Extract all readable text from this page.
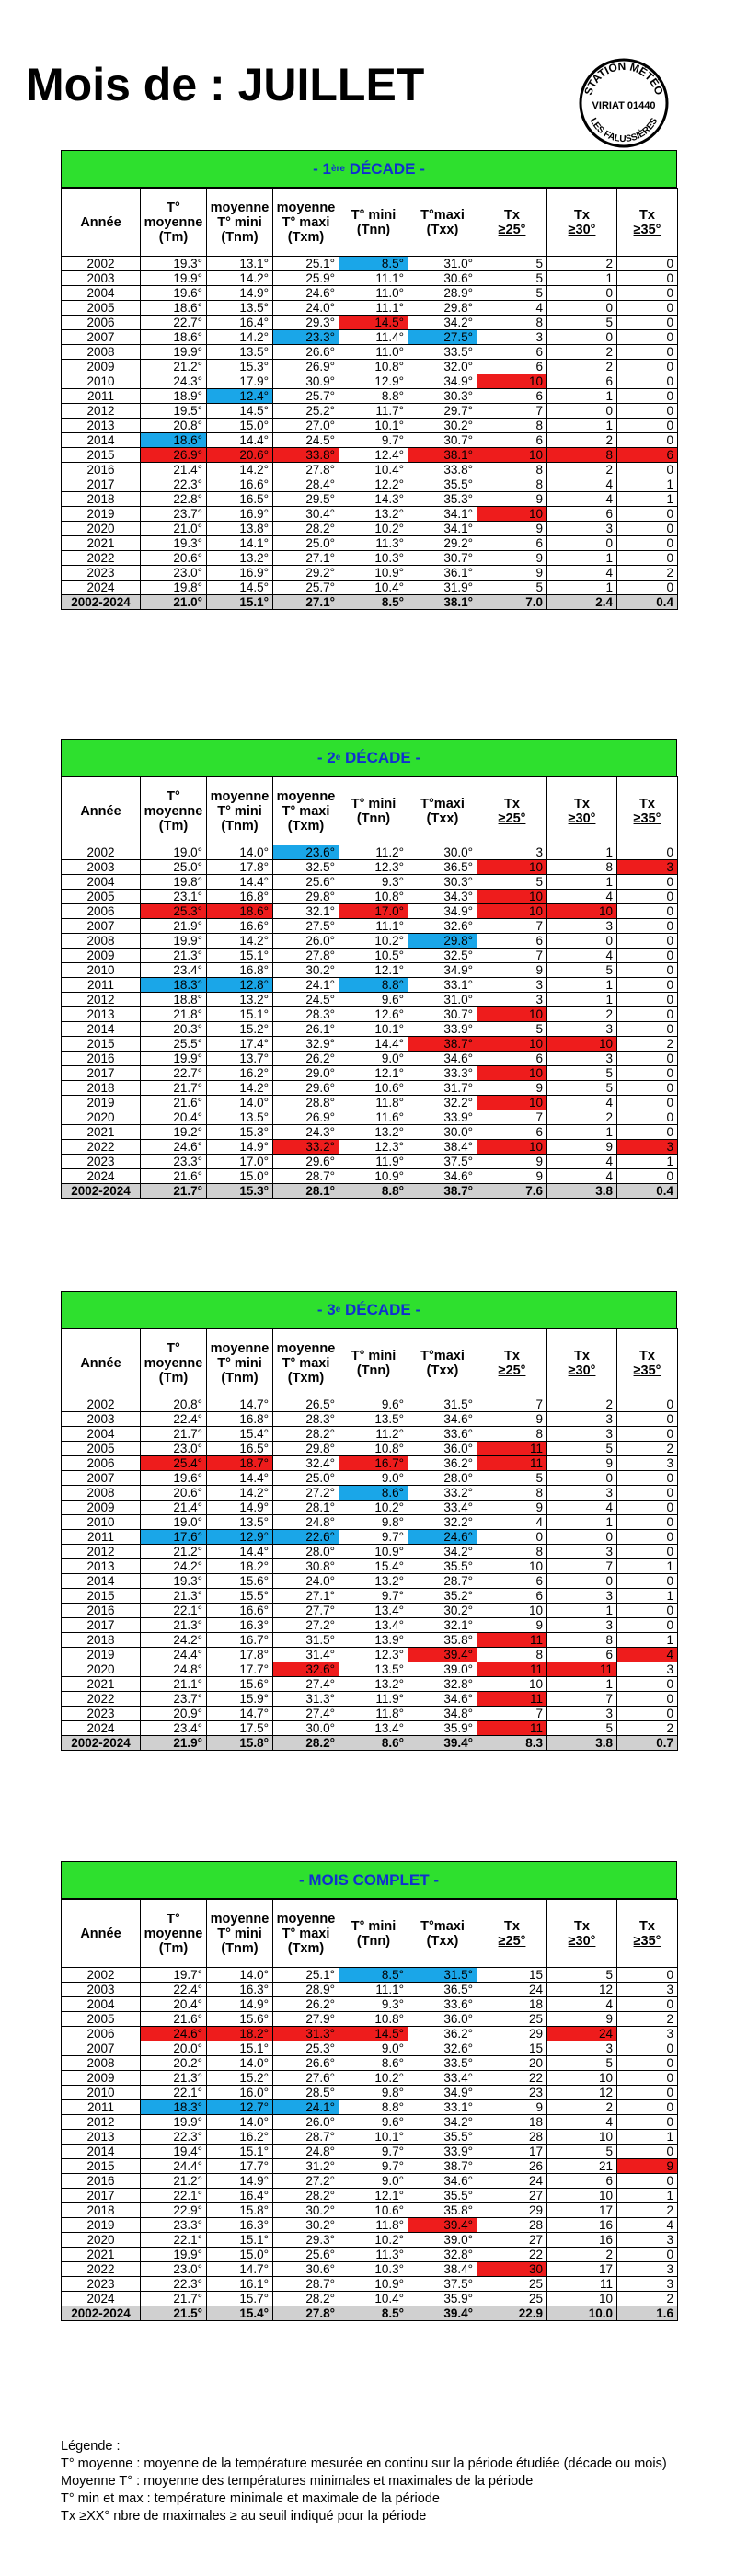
Mois de : JUILLET	STATION MÉTÉO
VIRIAT 01440
LES FALUSSIÈRES
- 1 ère DÉCADE -
Année	T°
moyenne
(Tm)	moyenne
T° mini
(Tnm)	moyenne
T° maxi
(Txm)	T° mini
(Tnn)	T°maxi
(Txx)	Tx
≥25°	Tx
≥30°	Tx
≥35°
2002	19.3°	13.1°	25.1°	8.5°	31.0°	5	2	0
2003	19.9°	14.2°	25.9°	11.1°	30.6°	5	1	0
2004	19.6°	14.9°	24.6°	11.0°	28.9°	5	0	0
2005	18.6°	13.5°	24.0°	11.1°	29.8°	4	0	0
2006	22.7°	16.4°	29.3°	14.5°	34.2°	8	5	0
2007	18.6°	14.2°	23.3°	11.4°	27.5°	3	0	0
2008	19.9°	13.5°	26.6°	11.0°	33.5°	6	2	0
2009	21.2°	15.3°	26.9°	10.8°	32.0°	6	2	0
2010	24.3°	17.9°	30.9°	12.9°	34.9°	10	6	0
2011	18.9°	12.4°	25.7°	8.8°	30.3°	6	1	0
2012	19.5°	14.5°	25.2°	11.7°	29.7°	7	0	0
2013	20.8°	15.0°	27.0°	10.1°	30.2°	8	1	0
2014	18.6°	14.4°	24.5°	9.7°	30.7°	6	2	0
2015	26.9°	20.6°	33.8°	12.4°	38.1°	10	8	6
2016	21.4°	14.2°	27.8°	10.4°	33.8°	8	2	0
2017	22.3°	16.6°	28.4°	12.2°	35.5°	8	4	1
2018	22.8°	16.5°	29.5°	14.3°	35.3°	9	4	1
2019	23.7°	16.9°	30.4°	13.2°	34.1°	10	6	0
2020	21.0°	13.8°	28.2°	10.2°	34.1°	9	3	0
2021	19.3°	14.1°	25.0°	11.3°	29.2°	6	0	0
2022	20.6°	13.2°	27.1°	10.3°	30.7°	9	1	0
2023	23.0°	16.9°	29.2°	10.9°	36.1°	9	4	2
2024	19.8°	14.5°	25.7°	10.4°	31.9°	5	1	0
2002-2024	21.0°	15.1°	27.1°	8.5°	38.1°	7.0	2.4	0.4
- 2 e DÉCADE -
Année	T°
moyenne
(Tm)	moyenne
T° mini
(Tnm)	moyenne
T° maxi
(Txm)	T° mini
(Tnn)	T°maxi
(Txx)	Tx
≥25°	Tx
≥30°	Tx
≥35°
2002	19.0°	14.0°	23.6°	11.2°	30.0°	3	1	0
2003	25.0°	17.8°	32.5°	12.3°	36.5°	10	8	3
2004	19.8°	14.4°	25.6°	9.3°	30.3°	5	1	0
2005	23.1°	16.8°	29.8°	10.8°	34.3°	10	4	0
2006	25.3°	18.6°	32.1°	17.0°	34.9°	10	10	0
2007	21.9°	16.6°	27.5°	11.1°	32.6°	7	3	0
2008	19.9°	14.2°	26.0°	10.2°	29.8°	6	0	0
2009	21.3°	15.1°	27.8°	10.5°	32.5°	7	4	0
2010	23.4°	16.8°	30.2°	12.1°	34.9°	9	5	0
2011	18.3°	12.8°	24.1°	8.8°	33.1°	3	1	0
2012	18.8°	13.2°	24.5°	9.6°	31.0°	3	1	0
2013	21.8°	15.1°	28.3°	12.6°	30.7°	10	2	0
2014	20.3°	15.2°	26.1°	10.1°	33.9°	5	3	0
2015	25.5°	17.4°	32.9°	14.4°	38.7°	10	10	2
2016	19.9°	13.7°	26.2°	9.0°	34.6°	6	3	0
2017	22.7°	16.2°	29.0°	12.1°	33.3°	10	5	0
2018	21.7°	14.2°	29.6°	10.6°	31.7°	9	5	0
2019	21.6°	14.0°	28.8°	11.8°	32.2°	10	4	0
2020	20.4°	13.5°	26.9°	11.6°	33.9°	7	2	0
2021	19.2°	15.3°	24.3°	13.2°	30.0°	6	1	0
2022	24.6°	14.9°	33.2°	12.3°	38.4°	10	9	3
2023	23.3°	17.0°	29.6°	11.9°	37.5°	9	4	1
2024	21.6°	15.0°	28.7°	10.9°	34.6°	9	4	0
2002-2024	21.7°	15.3°	28.1°	8.8°	38.7°	7.6	3.8	0.4
- 3 e DÉCADE -
Année	T°
moyenne
(Tm)	moyenne
T° mini
(Tnm)	moyenne
T° maxi
(Txm)	T° mini
(Tnn)	T°maxi
(Txx)	Tx
≥25°	Tx
≥30°	Tx
≥35°
2002	20.8°	14.7°	26.5°	9.6°	31.5°	7	2	0
2003	22.4°	16.8°	28.3°	13.5°	34.6°	9	3	0
2004	21.7°	15.4°	28.2°	11.2°	33.6°	8	3	0
2005	23.0°	16.5°	29.8°	10.8°	36.0°	11	5	2
2006	25.4°	18.7°	32.4°	16.7°	36.2°	11	9	3
2007	19.6°	14.4°	25.0°	9.0°	28.0°	5	0	0
2008	20.6°	14.2°	27.2°	8.6°	33.2°	8	3	0
2009	21.4°	14.9°	28.1°	10.2°	33.4°	9	4	0
2010	19.0°	13.5°	24.8°	9.8°	32.2°	4	1	0
2011	17.6°	12.9°	22.6°	9.7°	24.6°	0	0	0
2012	21.2°	14.4°	28.0°	10.9°	34.2°	8	3	0
2013	24.2°	18.2°	30.8°	15.4°	35.5°	10	7	1
2014	19.3°	15.6°	24.0°	13.2°	28.7°	6	0	0
2015	21.3°	15.5°	27.1°	9.7°	35.2°	6	3	1
2016	22.1°	16.6°	27.7°	13.4°	30.2°	10	1	0
2017	21.3°	16.3°	27.2°	13.4°	32.1°	9	3	0
2018	24.2°	16.7°	31.5°	13.9°	35.8°	11	8	1
2019	24.4°	17.8°	31.4°	12.3°	39.4°	8	6	4
2020	24.8°	17.7°	32.6°	13.5°	39.0°	11	11	3
2021	21.1°	15.6°	27.4°	13.2°	32.8°	10	1	0
2022	23.7°	15.9°	31.3°	11.9°	34.6°	11	7	0
2023	20.9°	14.7°	27.4°	11.8°	34.8°	7	3	0
2024	23.4°	17.5°	30.0°	13.4°	35.9°	11	5	2
2002-2024	21.9°	15.8°	28.2°	8.6°	39.4°	8.3	3.8	0.7
- MOIS COMPLET -
Année	T°
moyenne
(Tm)	moyenne
T° mini
(Tnm)	moyenne
T° maxi
(Txm)	T° mini
(Tnn)	T°maxi
(Txx)	Tx
≥25°	Tx
≥30°	Tx
≥35°
2002	19.7°	14.0°	25.1°	8.5°	31.5°	15	5	0
2003	22.4°	16.3°	28.9°	11.1°	36.5°	24	12	3
2004	20.4°	14.9°	26.2°	9.3°	33.6°	18	4	0
2005	21.6°	15.6°	27.9°	10.8°	36.0°	25	9	2
2006	24.6°	18.2°	31.3°	14.5°	36.2°	29	24	3
2007	20.0°	15.1°	25.3°	9.0°	32.6°	15	3	0
2008	20.2°	14.0°	26.6°	8.6°	33.5°	20	5	0
2009	21.3°	15.2°	27.6°	10.2°	33.4°	22	10	0
2010	22.1°	16.0°	28.5°	9.8°	34.9°	23	12	0
2011	18.3°	12.7°	24.1°	8.8°	33.1°	9	2	0
2012	19.9°	14.0°	26.0°	9.6°	34.2°	18	4	0
2013	22.3°	16.2°	28.7°	10.1°	35.5°	28	10	1
2014	19.4°	15.1°	24.8°	9.7°	33.9°	17	5	0
2015	24.4°	17.7°	31.2°	9.7°	38.7°	26	21	9
2016	21.2°	14.9°	27.2°	9.0°	34.6°	24	6	0
2017	22.1°	16.4°	28.2°	12.1°	35.5°	27	10	1
2018	22.9°	15.8°	30.2°	10.6°	35.8°	29	17	2
2019	23.3°	16.3°	30.2°	11.8°	39.4°	28	16	4
2020	22.1°	15.1°	29.3°	10.2°	39.0°	27	16	3
2021	19.9°	15.0°	25.6°	11.3°	32.8°	22	2	0
2022	23.0°	14.7°	30.6°	10.3°	38.4°	30	17	3
2023	22.3°	16.1°	28.7°	10.9°	37.5°	25	11	3
2024	21.7°	15.7°	28.2°	10.4°	35.9°	25	10	2
2002-2024	21.5°	15.4°	27.8°	8.5°	39.4°	22.9	10.0	1.6
Légende :
T° moyenne : moyenne de la température mesurée en continu sur la période étudiée (décade ou mois)
Moyenne T° : moyenne des températures minimales et maximales de la période
T° min et max : température minimale et maximale de la période
Tx ≥XX° nbre de maximales ≥ au seuil indiqué pour la période
